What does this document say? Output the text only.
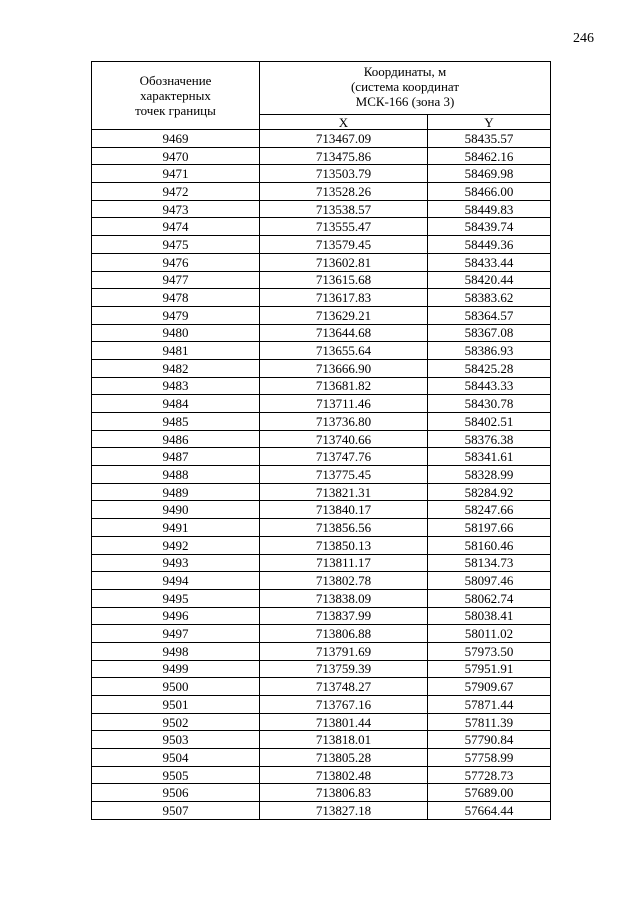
246
Обозначение
характерных
точек границы	Координаты, м
(система координат
МСК-166 (зона 3)	

	X	Y
9469	713467.09	58435.57
9470	713475.86	58462.16
9471	713503.79	58469.98
9472	713528.26	58466.00
9473	713538.57	58449.83
9474	713555.47	58439.74
9475	713579.45	58449.36
9476	713602.81	58433.44
9477	713615.68	58420.44
9478	713617.83	58383.62
9479	713629.21	58364.57
9480	713644.68	58367.08
9481	713655.64	58386.93
9482	713666.90	58425.28
9483	713681.82	58443.33
9484	713711.46	58430.78
9485	713736.80	58402.51
9486	713740.66	58376.38
9487	713747.76	58341.61
9488	713775.45	58328.99
9489	713821.31	58284.92
9490	713840.17	58247.66
9491	713856.56	58197.66
9492	713850.13	58160.46
9493	713811.17	58134.73
9494	713802.78	58097.46
9495	713838.09	58062.74
9496	713837.99	58038.41
9497	713806.88	58011.02
9498	713791.69	57973.50
9499	713759.39	57951.91
9500	713748.27	57909.67
9501	713767.16	57871.44
9502	713801.44	57811.39
9503	713818.01	57790.84
9504	713805.28	57758.99
9505	713802.48	57728.73
9506	713806.83	57689.00
9507	713827.18	57664.44
